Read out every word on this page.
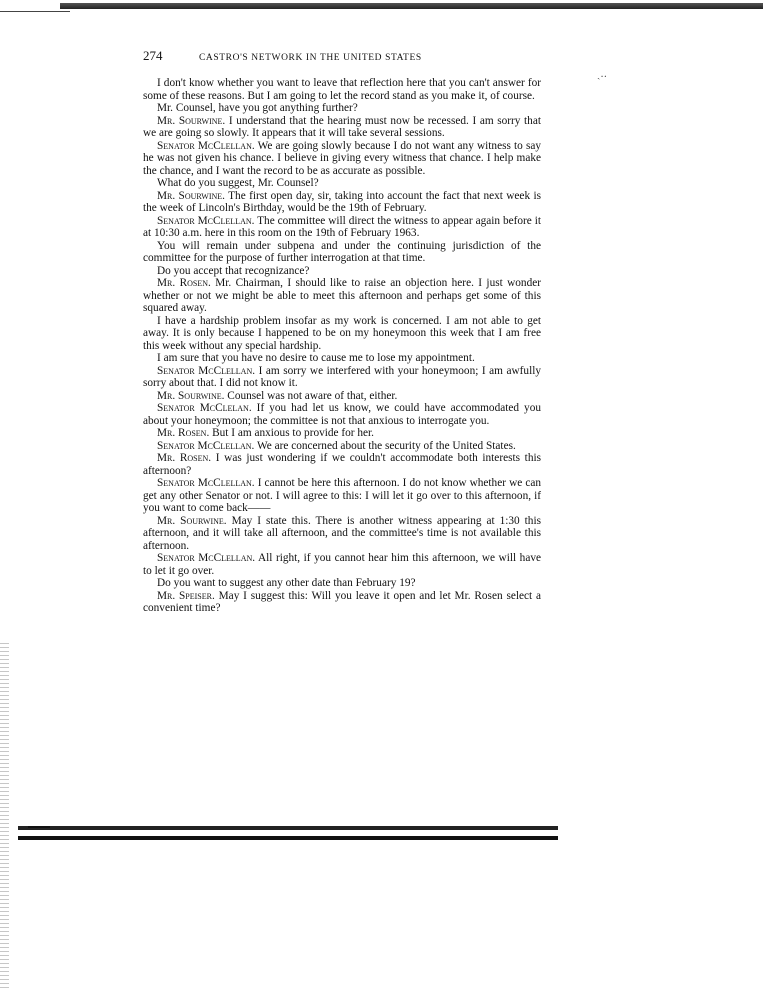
ˎ‥
274	CASTRO'S NETWORK IN THE UNITED STATES

I don't know whether you want to leave that reflection here that you can't answer for some of these reasons. But I am going to let the record stand as you make it, of course.

Mr. Counsel, have you got anything further?

Mr. Sourwine. I understand that the hearing must now be recessed. I am sorry that we are going so slowly. It appears that it will take several sessions.

Senator McClellan. We are going slowly because I do not want any witness to say he was not given his chance. I believe in giving every witness that chance. I help make the chance, and I want the record to be as accurate as possible.

What do you suggest, Mr. Counsel?

Mr. Sourwine. The first open day, sir, taking into account the fact that next week is the week of Lincoln's Birthday, would be the 19th of February.

Senator McClellan. The committee will direct the witness to appear again before it at 10:30 a.m. here in this room on the 19th of February 1963.

You will remain under subpena and under the continuing jurisdiction of the committee for the purpose of further interrogation at that time.

Do you accept that recognizance?

Mr. Rosen. Mr. Chairman, I should like to raise an objection here. I just wonder whether or not we might be able to meet this afternoon and perhaps get some of this squared away.

I have a hardship problem insofar as my work is concerned. I am not able to get away. It is only because I happened to be on my honeymoon this week that I am free this week without any special hardship.

I am sure that you have no desire to cause me to lose my appointment.

Senator McClellan. I am sorry we interfered with your honeymoon; I am awfully sorry about that. I did not know it.

Mr. Sourwine. Counsel was not aware of that, either.

Senator McClelan. If you had let us know, we could have accommodated you about your honeymoon; the committee is not that anxious to interrogate you.

Mr. Rosen. But I am anxious to provide for her.

Senator McClellan. We are concerned about the security of the United States.

Mr. Rosen. I was just wondering if we couldn't accommodate both interests this afternoon?

Senator McClellan. I cannot be here this afternoon. I do not know whether we can get any other Senator or not. I will agree to this: I will let it go over to this afternoon, if you want to come back——

Mr. Sourwine. May I state this. There is another witness appearing at 1:30 this afternoon, and it will take all afternoon, and the committee's time is not available this afternoon.

Senator McClellan. All right, if you cannot hear him this afternoon, we will have to let it go over.

Do you want to suggest any other date than February 19?

Mr. Speiser. May I suggest this: Will you leave it open and let Mr. Rosen select a convenient time?
